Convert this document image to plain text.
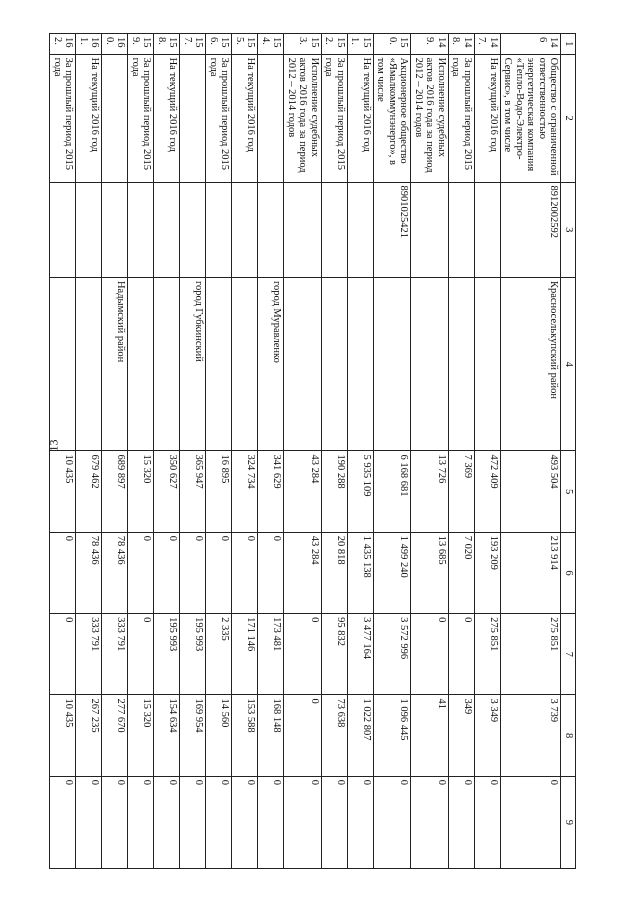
13
1	2	3	4	5	6	7	8	9
146	Общество с ограниченной ответственностью энергетическая компания «Тепло-Водо-Электро-Сервис», в том числе	8912002592	Красноселькупский район	493 504	213 914	275 851	3 739	0
147.	На текущий 2016 год			472 409	193 209	275 851	3 349	0
148.	За прошлый период 2015 года			7 369	7 020	0	349	0
149.	Исполнение судебных актов 2016 года за период 2012 – 2014 годов			13 726	13 685	0	41	0
150.	Акционерное общество «Ямалкоммунэнерго», в том числе	8901025421		6 168 681	1 499 240	3 572 996	1 096 445	0
151.	На текущий 2016 год			5 935 109	1 435 138	3 477 164	1 022 807	0
152.	За прошлый период 2015 года			190 288	20 818	95 832	73 638	0
153.	Исполнение судебных актов 2016 года за период 2012 – 2014 годов			43 284	43 284	0	0	0
154.			город Муравленко	341 629	0	173 481	168 148	0
155.	На текущий 2016 год			324 734	0	171 146	153 588	0
156.	За прошлый период 2015 года			16 895	0	2 335	14 560	0
157.			город Губкинский	365 947	0	195 993	169 954	0
158.	На текущий 2016 год			350 627	0	195 993	154 634	0
159.	За прошлый период 2015 года			15 320	0	0	15 320	0
160.			Надымский район	689 897	78 436	333 791	277 670	0
161.	На текущий 2016 год			679 462	78 436	333 791	267 235	0
162.	За прошлый период 2015 года			10 435	0	0	10 435	0
